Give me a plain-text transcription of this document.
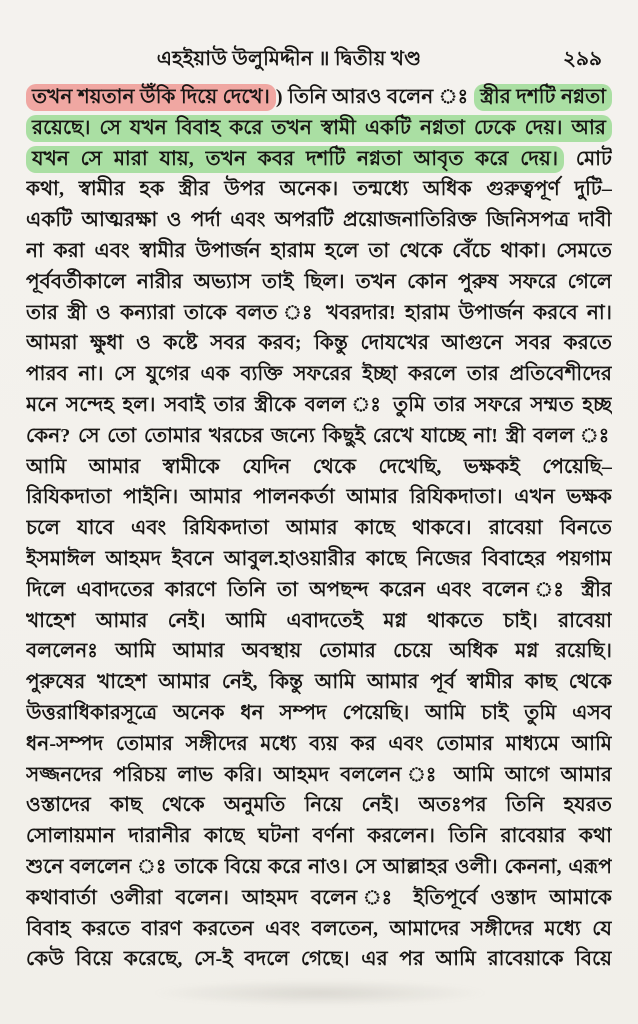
এহইয়াউ উলুমিদ্দীন ॥ দ্বিতীয় খণ্ড	২৯৯
তখন শয়তান উঁকি দিয়ে দেখে। ) তিনি আরও বলেন ঃ স্ত্রীর দশটি নগ্নতা
রয়েছে। সে যখন বিবাহ করে তখন স্বামী একটি নগ্নতা ঢেকে দেয়। আর
যখন সে মারা যায়, তখন কবর দশটি নগ্নতা আবৃত করে দেয়। মোট
কথা, স্বামীর হক স্ত্রীর উপর অনেক। তন্মধ্যে অধিক গুরুত্বপূর্ণ দুটি–
একটি আত্মরক্ষা ও পর্দা এবং অপরটি প্রয়োজনাতিরিক্ত জিনিসপত্র দাবী
না করা এবং স্বামীর উপার্জন হারাম হলে তা থেকে বেঁচে থাকা। সেমতে
পূর্ববর্তীকালে নারীর অভ্যাস তাই ছিল। তখন কোন পুরুষ সফরে গেলে
তার স্ত্রী ও কন্যারা তাকে বলত ঃ খবরদার! হারাম উপার্জন করবে না।
আমরা ক্ষুধা ও কষ্টে সবর করব; কিন্তু দোযখের আগুনে সবর করতে
পারব না। সে যুগের এক ব্যক্তি সফরের ইচ্ছা করলে তার প্রতিবেশীদের
মনে সন্দেহ হল। সবাই তার স্ত্রীকে বলল ঃ তুমি তার সফরে সম্মত হচ্ছ
কেন? সে তো তোমার খরচের জন্যে কিছুই রেখে যাচ্ছে না! স্ত্রী বলল ঃ
আমি আমার স্বামীকে যেদিন থেকে দেখেছি, ভক্ষকই পেয়েছি–
রিযিকদাতা পাইনি। আমার পালনকর্তা আমার রিযিকদাতা। এখন ভক্ষক
চলে যাবে এবং রিযিকদাতা আমার কাছে থাকবে। রাবেয়া বিনতে
ইসমাঈল আহমদ ইবনে আবুল.হাওয়ারীর কাছে নিজের বিবাহের পয়গাম
দিলে এবাদতের কারণে তিনি তা অপছন্দ করেন এবং বলেন ঃ স্ত্রীর
খাহেশ আমার নেই। আমি এবাদতেই মগ্ন থাকতে চাই। রাবেয়া
বললেনঃ আমি আমার অবস্থায় তোমার চেয়ে অধিক মগ্ন রয়েছি।
পুরুষের খাহেশ আমার নেই, কিন্তু আমি আমার পূর্ব স্বামীর কাছ থেকে
উত্তরাধিকারসূত্রে অনেক ধন সম্পদ পেয়েছি। আমি চাই তুমি এসব
ধন-সম্পদ তোমার সঙ্গীদের মধ্যে ব্যয় কর এবং তোমার মাধ্যমে আমি
সজ্জনদের পরিচয় লাভ করি। আহমদ বললেন ঃ আমি আগে আমার
ওস্তাদের কাছ থেকে অনুমতি নিয়ে নেই। অতঃপর তিনি হযরত
সোলায়মান দারানীর কাছে ঘটনা বর্ণনা করলেন। তিনি রাবেয়ার কথা
শুনে বললেন ঃ তাকে বিয়ে করে নাও। সে আল্লাহর ওলী। কেননা, এরূপ
কথাবার্তা ওলীরা বলেন। আহমদ বলেন ঃ ইতিপূর্বে ওস্তাদ আমাকে
বিবাহ করতে বারণ করতেন এবং বলতেন, আমাদের সঙ্গীদের মধ্যে যে
কেউ বিয়ে করেছে, সে-ই বদলে গেছে। এর পর আমি রাবেয়াকে বিয়ে
